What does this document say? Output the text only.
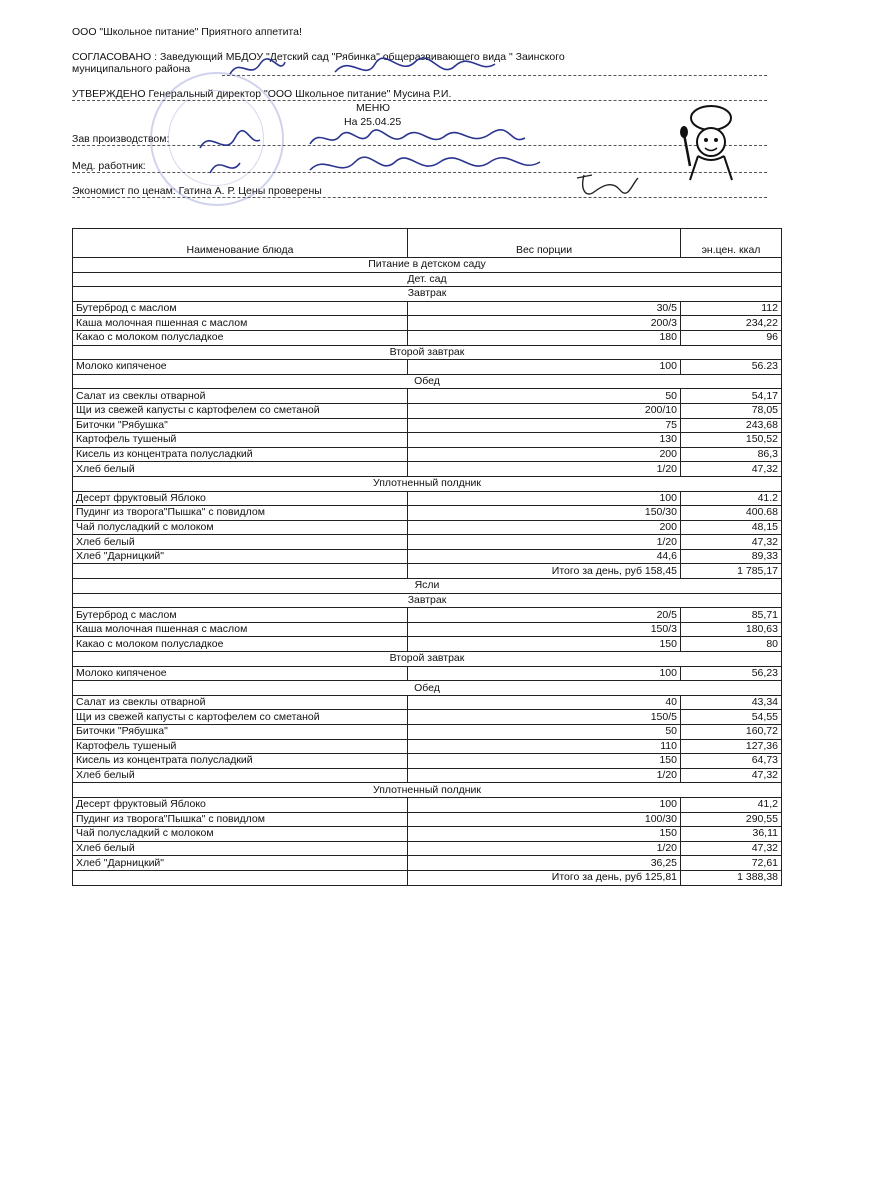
ООО "Школьное питание" Приятного аппетита!
СОГЛАСОВАНО : Заведующий МБДОУ "Детский сад "Рябинка" общеразвивающего вида " Заинского
муниципального района
УТВЕРЖДЕНО Генеральный директор "ООО Школьное питание" Мусина Р.И.
МЕНЮ
На 25.04.25
Зав производством:
Мед. работник:
Экономист по ценам: Гатина А. Р. Цены проверены
Наименование блюда	Вес порции	эн.цен. ккал
Питание в детском саду		
Дет. сад		
Завтрак		
Бутерброд с маслом	30/5	112
Каша молочная пшенная с маслом	200/3	234,22
Какао с молоком полусладкое	180	96
Второй завтрак		
Молоко кипяченое	100	56.23
Обед		
Салат из свеклы отварной	50	54,17
Щи из свежей капусты с картофелем со сметаной	200/10	78,05
Биточки "Рябушка"	75	243,68
Картофель тушеный	130	150,52
Кисель из концентрата полусладкий	200	86,3
Хлеб белый	1/20	47,32
Уплотненный полдник		
Десерт фруктовый Яблоко	100	41.2
Пудинг из творога"Пышка" с повидлом	150/30	400.68
Чай полусладкий с молоком	200	48,15
Хлеб белый	1/20	47,32
Хлеб "Дарницкий"	44,6	89,33
	Итого за день, руб 158,45	1 785,17
Ясли		
Завтрак		
Бутерброд с маслом	20/5	85,71
Каша молочная пшенная с маслом	150/3	180,63
Какао с молоком полусладкое	150	80
Второй завтрак		
Молоко кипяченое	100	56,23
Обед		
Салат из свеклы отварной	40	43,34
Щи из свежей капусты с картофелем со сметаной	150/5	54,55
Биточки "Рябушка"	50	160,72
Картофель тушеный	110	127,36
Кисель из концентрата полусладкий	150	64,73
Хлеб белый	1/20	47,32
Уплотненный полдник		
Десерт фруктовый Яблоко	100	41,2
Пудинг из творога"Пышка" с повидлом	100/30	290,55
Чай полусладкий с молоком	150	36,11
Хлеб белый	1/20	47,32
Хлеб "Дарницкий"	36,25	72,61
	Итого за день, руб 125,81	1 388,38
